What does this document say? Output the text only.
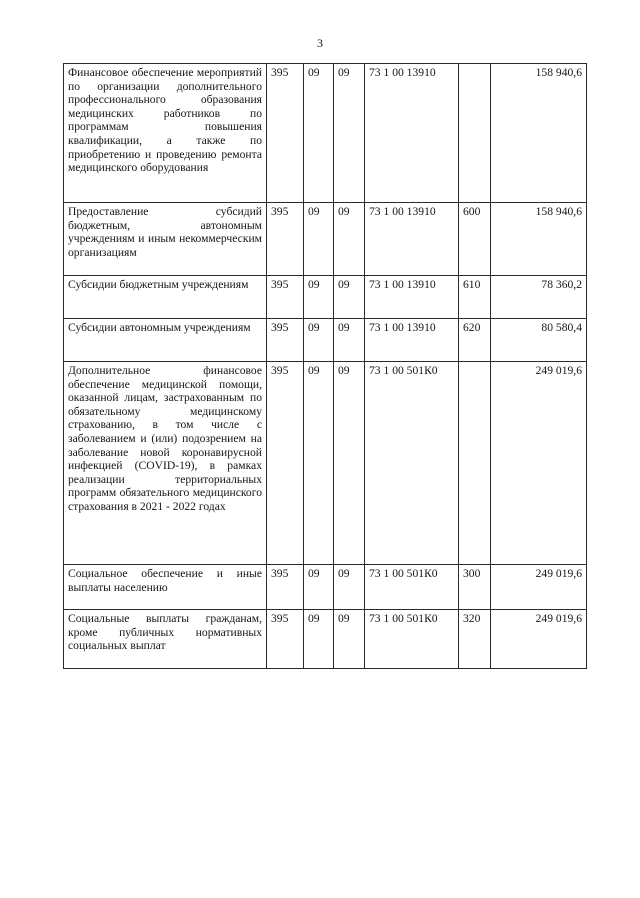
3
Финансовое обеспечение мероприятий по организации дополнительного профессионального образования медицинских работников по программам повышения квалификации, а также по приобретению и проведению ремонта медицинского оборудования	395	09	09	73 1 00 13910		158 940,6
Предоставление субсидий бюджетным, автономным учреждениям и иным некоммерческим организациям	395	09	09	73 1 00 13910	600	158 940,6
Субсидии бюджетным учреждениям	395	09	09	73 1 00 13910	610	78 360,2
Субсидии автономным учреждениям	395	09	09	73 1 00 13910	620	80 580,4
Дополнительное финансовое обеспечение медицинской помощи, оказанной лицам, застрахованным по обязательному медицинскому страхованию, в том числе с заболеванием и (или) подозрением на заболевание новой коронавирусной инфекцией (COVID-19), в рамках реализации территориальных программ обязательного медицинского страхования в 2021 - 2022 годах	395	09	09	73 1 00 501К0		249 019,6
Социальное обеспечение и иные выплаты населению	395	09	09	73 1 00 501К0	300	249 019,6
Социальные выплаты гражданам, кроме публичных нормативных социальных выплат	395	09	09	73 1 00 501К0	320	249 019,6
